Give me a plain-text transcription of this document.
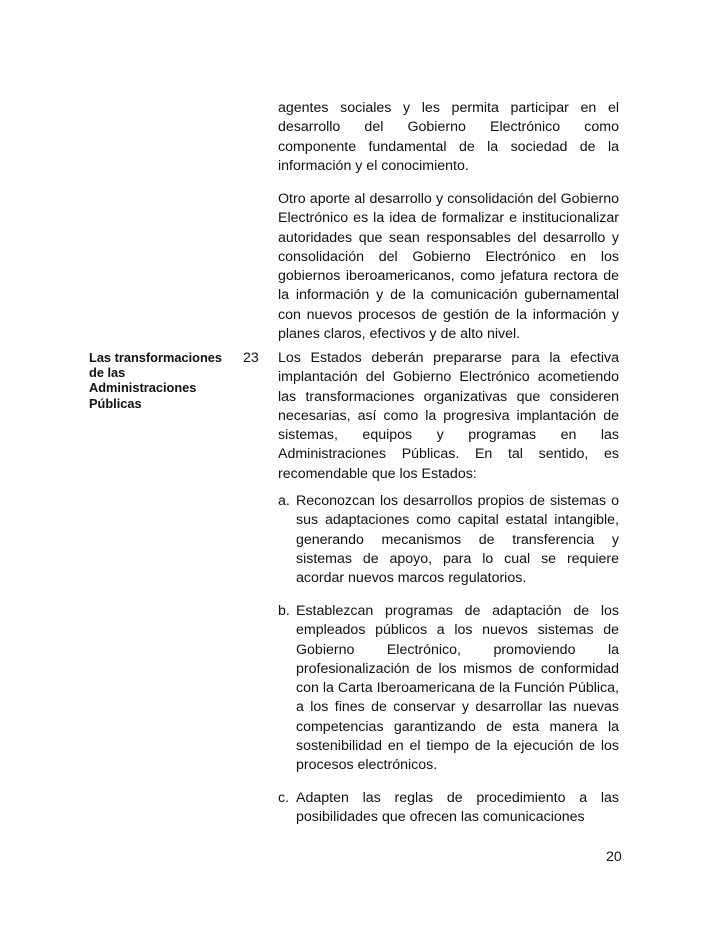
agentes sociales y les permita participar en el desarrollo del Gobierno Electrónico como componente fundamental de la sociedad de la información y el conocimiento.

Otro aporte al desarrollo y consolidación del Gobierno Electrónico es la idea de formalizar e institucionalizar autoridades que sean responsables del desarrollo y consolidación del Gobierno Electrónico en los gobiernos iberoamericanos, como jefatura rectora de la información y de la comunicación gubernamental con nuevos procesos de gestión de la información y planes claros, efectivos y de alto nivel.

Las transformaciones de las Administraciones Públicas
23 Los Estados deberán prepararse para la efectiva implantación del Gobierno Electrónico acometiendo las transformaciones organizativas que consideren necesarias, así como la progresiva implantación de sistemas, equipos y programas en las Administraciones Públicas. En tal sentido, es recomendable que los Estados:

a. Reconozcan los desarrollos propios de sistemas o sus adaptaciones como capital estatal intangible, generando mecanismos de transferencia y sistemas de apoyo, para lo cual se requiere acordar nuevos marcos regulatorios.
b. Establezcan programas de adaptación de los empleados públicos a los nuevos sistemas de Gobierno Electrónico, promoviendo la profesionalización de los mismos de conformidad con la Carta Iberoamericana de la Función Pública, a los fines de conservar y desarrollar las nuevas competencias garantizando de esta manera la sostenibilidad en el tiempo de la ejecución de los procesos electrónicos.
c. Adapten las reglas de procedimiento a las posibilidades que ofrecen las comunicaciones
20
